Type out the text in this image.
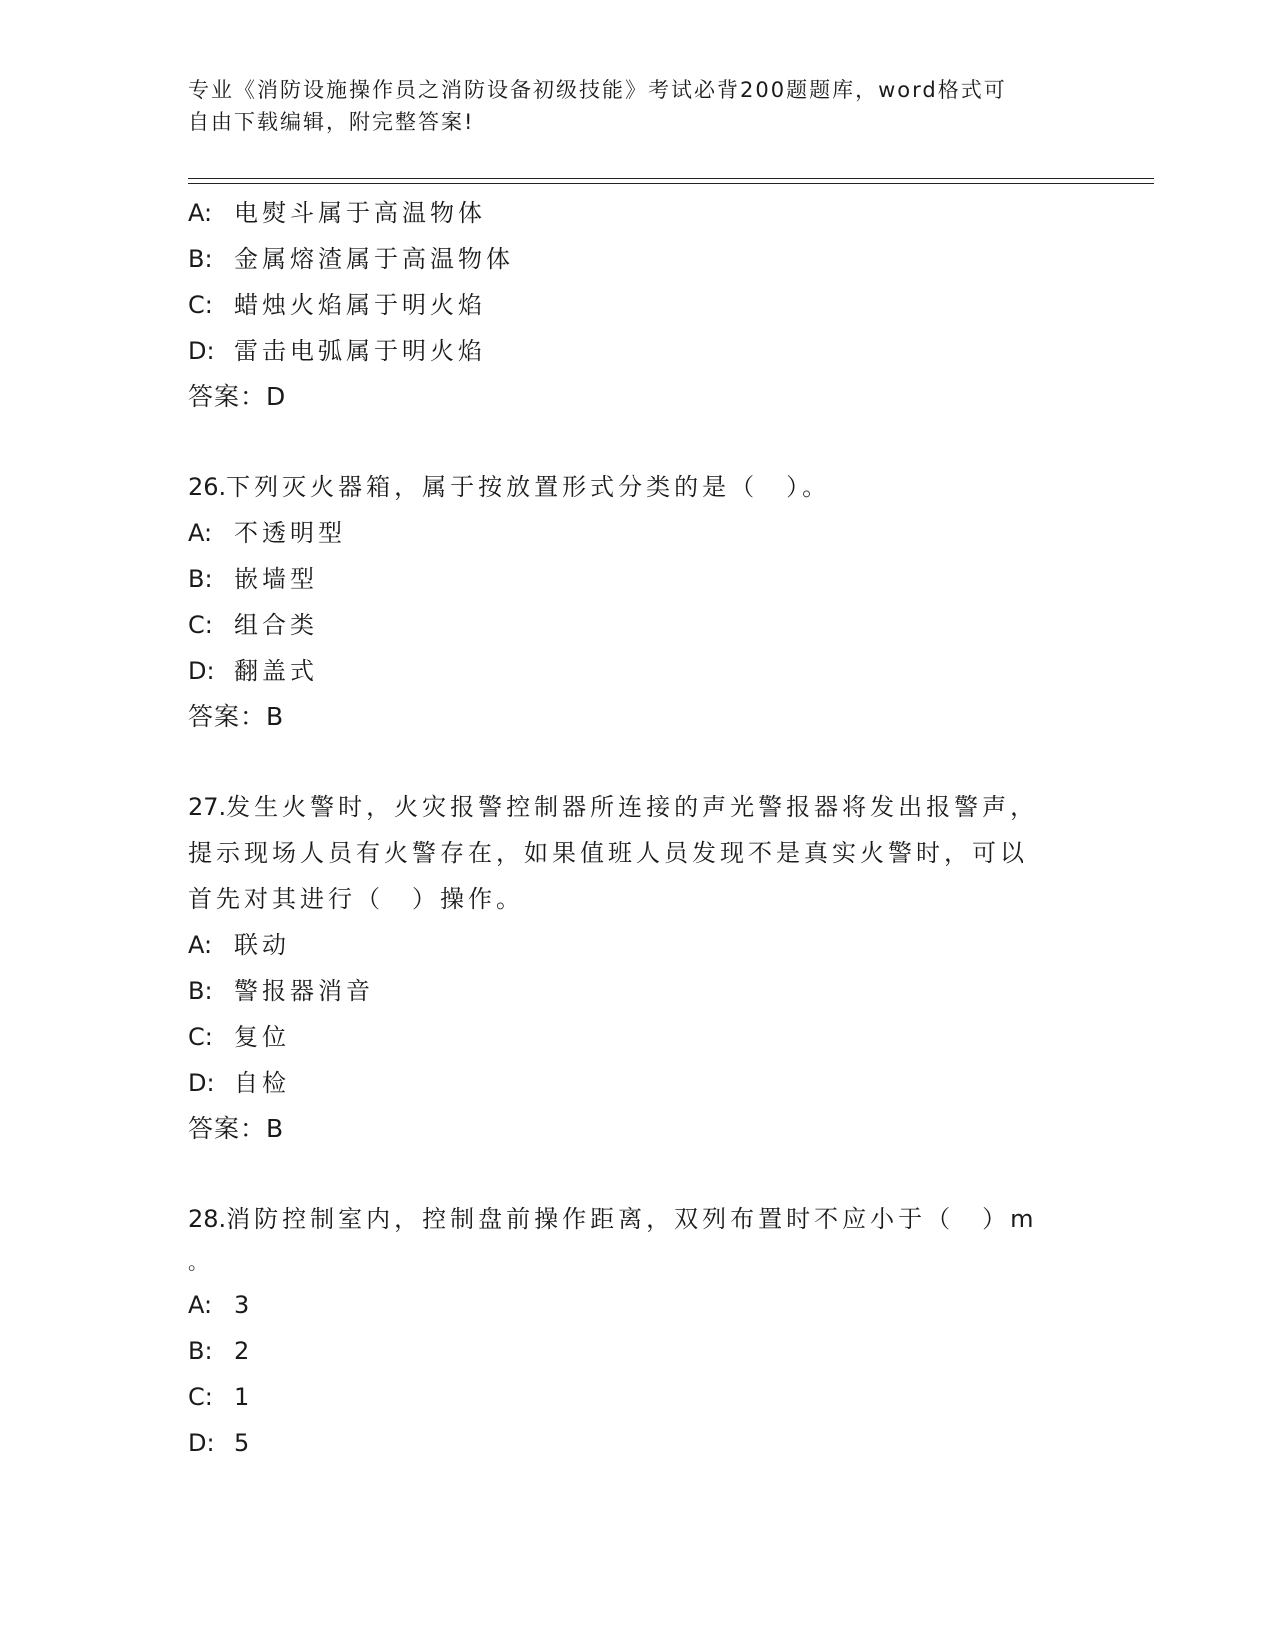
专业《消防设施操作员之消防设备初级技能》考试必背200题题库，word格式可
自由下载编辑，附完整答案!
A: 电熨斗属于高温物体
B: 金属熔渣属于高温物体
C: 蜡烛火焰属于明火焰
D: 雷击电弧属于明火焰
答案：D
26.下列灭火器箱，属于按放置形式分类的是（　）。
A: 不透明型
B: 嵌墙型
C: 组合类
D: 翻盖式
答案：B
27.发生火警时，火灾报警控制器所连接的声光警报器将发出报警声，
提示现场人员有火警存在，如果值班人员发现不是真实火警时，可以
首先对其进行（　）操作。
A: 联动
B: 警报器消音
C: 复位
D: 自检
答案：B
28.消防控制室内，控制盘前操作距离，双列布置时不应小于（　）m
。
A: 3
B: 2
C: 1
D: 5
